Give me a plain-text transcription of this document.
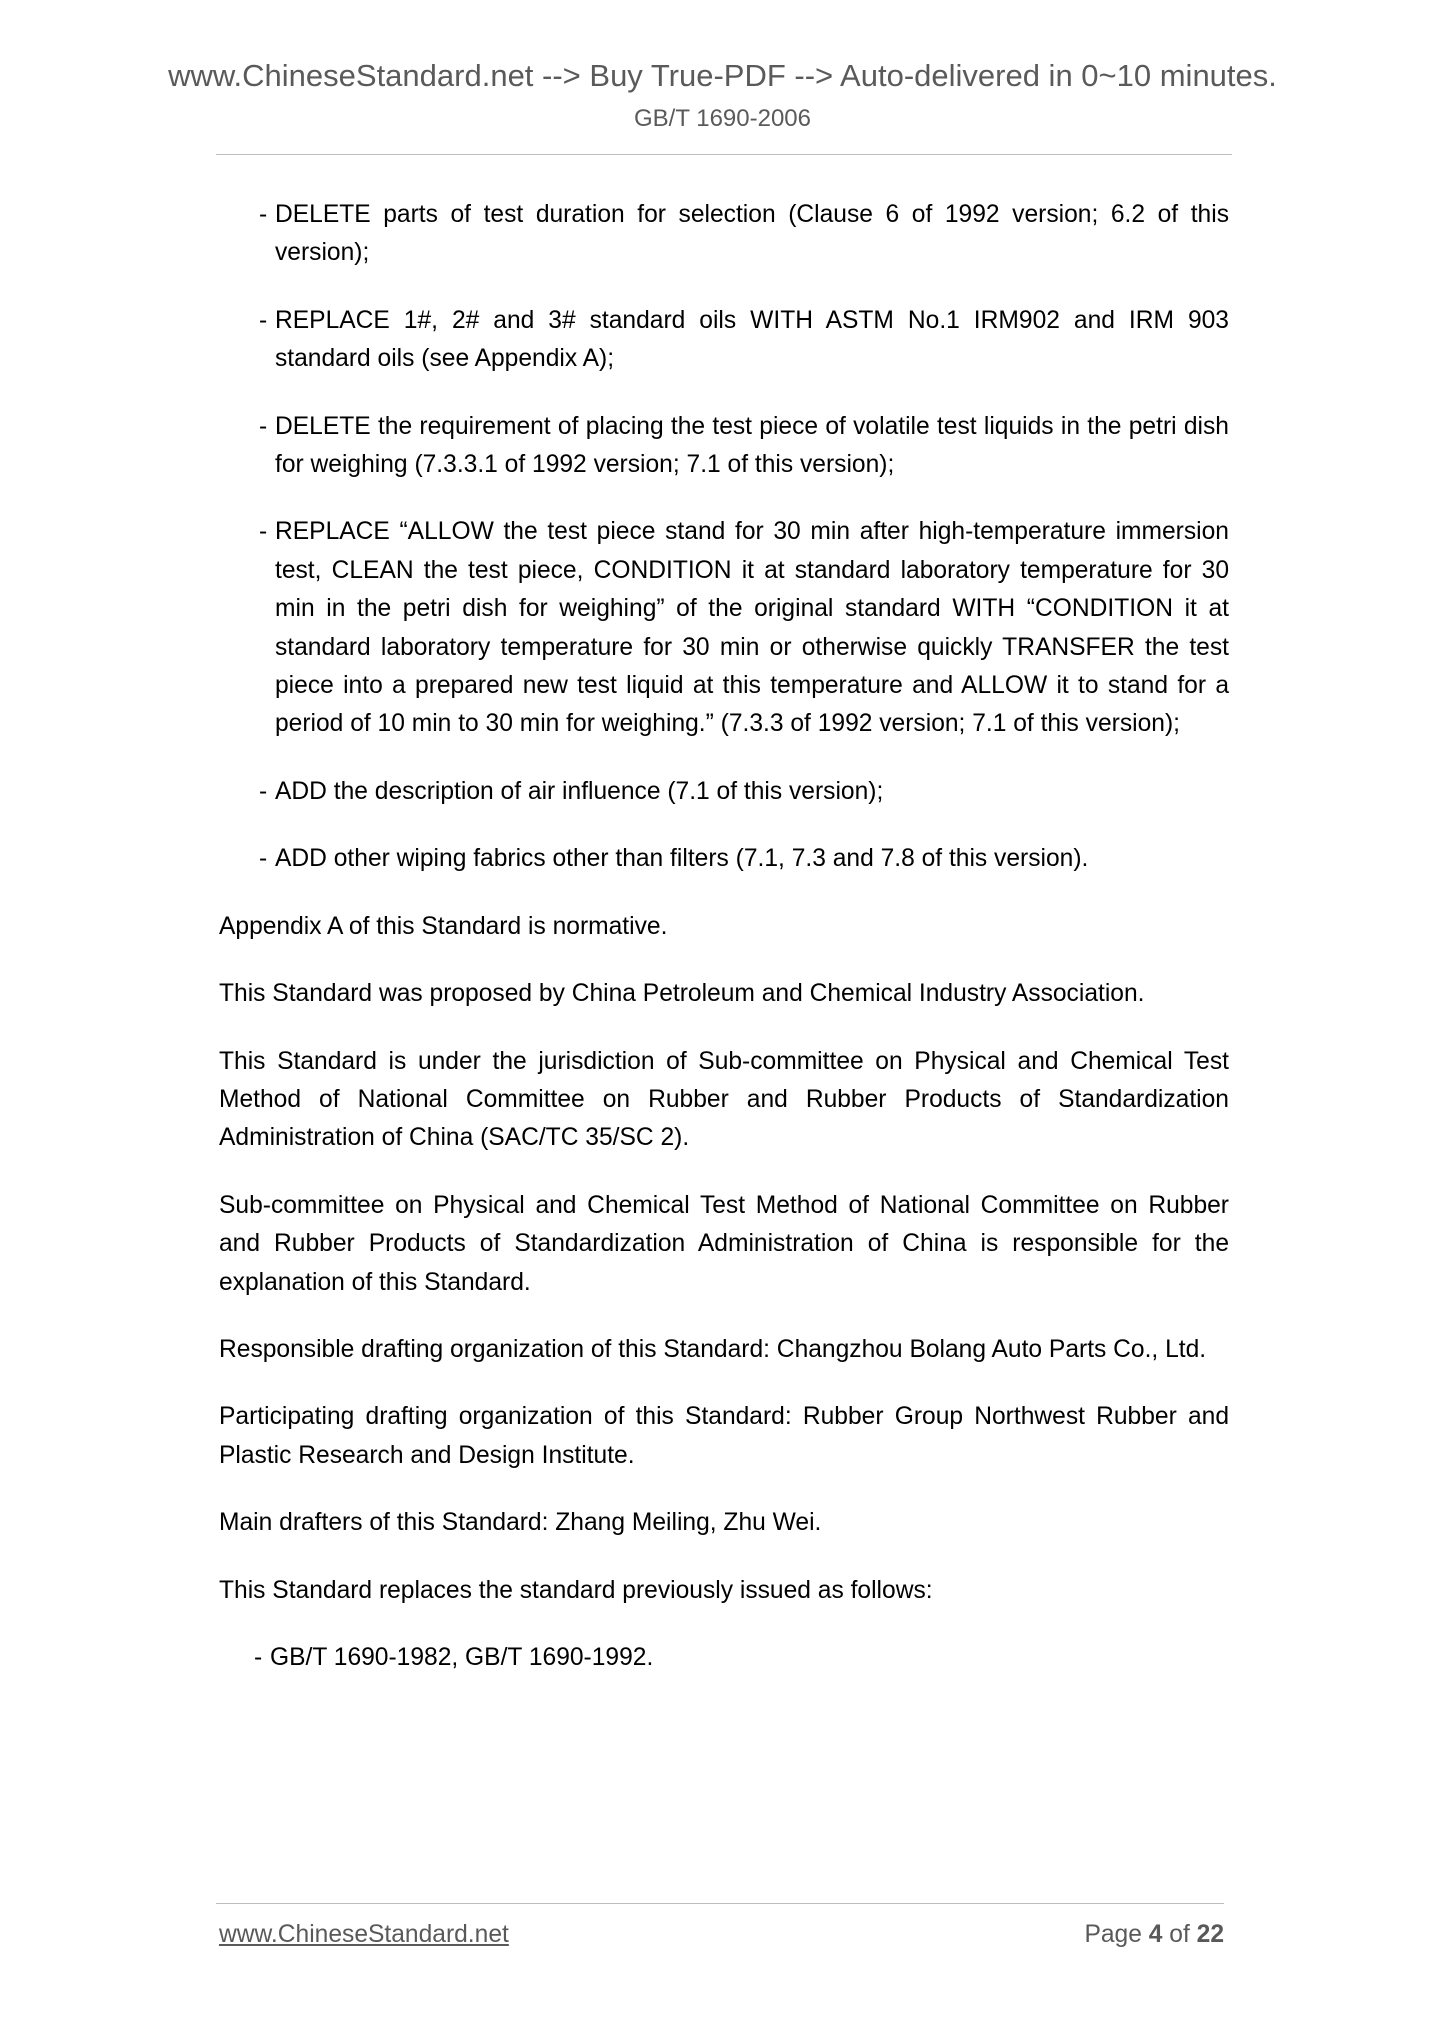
www.ChineseStandard.net --> Buy True-PDF --> Auto-delivered in 0~10 minutes.
GB/T 1690-2006
- DELETE parts of test duration for selection (Clause 6 of 1992 version; 6.2 of this version);
- REPLACE 1#, 2# and 3# standard oils WITH ASTM No.1 IRM902 and IRM 903 standard oils (see Appendix A);
- DELETE the requirement of placing the test piece of volatile test liquids in the petri dish for weighing (7.3.3.1 of 1992 version; 7.1 of this version);
- REPLACE “ALLOW the test piece stand for 30 min after high-temperature immersion test, CLEAN the test piece, CONDITION it at standard laboratory temperature for 30 min in the petri dish for weighing” of the original standard WITH “CONDITION it at standard laboratory temperature for 30 min or otherwise quickly TRANSFER the test piece into a prepared new test liquid at this temperature and ALLOW it to stand for a period of 10 min to 30 min for weighing.” (7.3.3 of 1992 version; 7.1 of this version);
- ADD the description of air influence (7.1 of this version);
- ADD other wiping fabrics other than filters (7.1, 7.3 and 7.8 of this version).
Appendix A of this Standard is normative.
This Standard was proposed by China Petroleum and Chemical Industry Association.
This Standard is under the jurisdiction of Sub-committee on Physical and Chemical Test Method of National Committee on Rubber and Rubber Products of Standardization Administration of China (SAC/TC 35/SC 2).
Sub-committee on Physical and Chemical Test Method of National Committee on Rubber and Rubber Products of Standardization Administration of China is responsible for the explanation of this Standard.
Responsible drafting organization of this Standard: Changzhou Bolang Auto Parts Co., Ltd.
Participating drafting organization of this Standard: Rubber Group Northwest Rubber and Plastic Research and Design Institute.
Main drafters of this Standard: Zhang Meiling, Zhu Wei.
This Standard replaces the standard previously issued as follows:
- GB/T 1690-1982, GB/T 1690-1992.
www.ChineseStandard.net	Page 4 of 22
